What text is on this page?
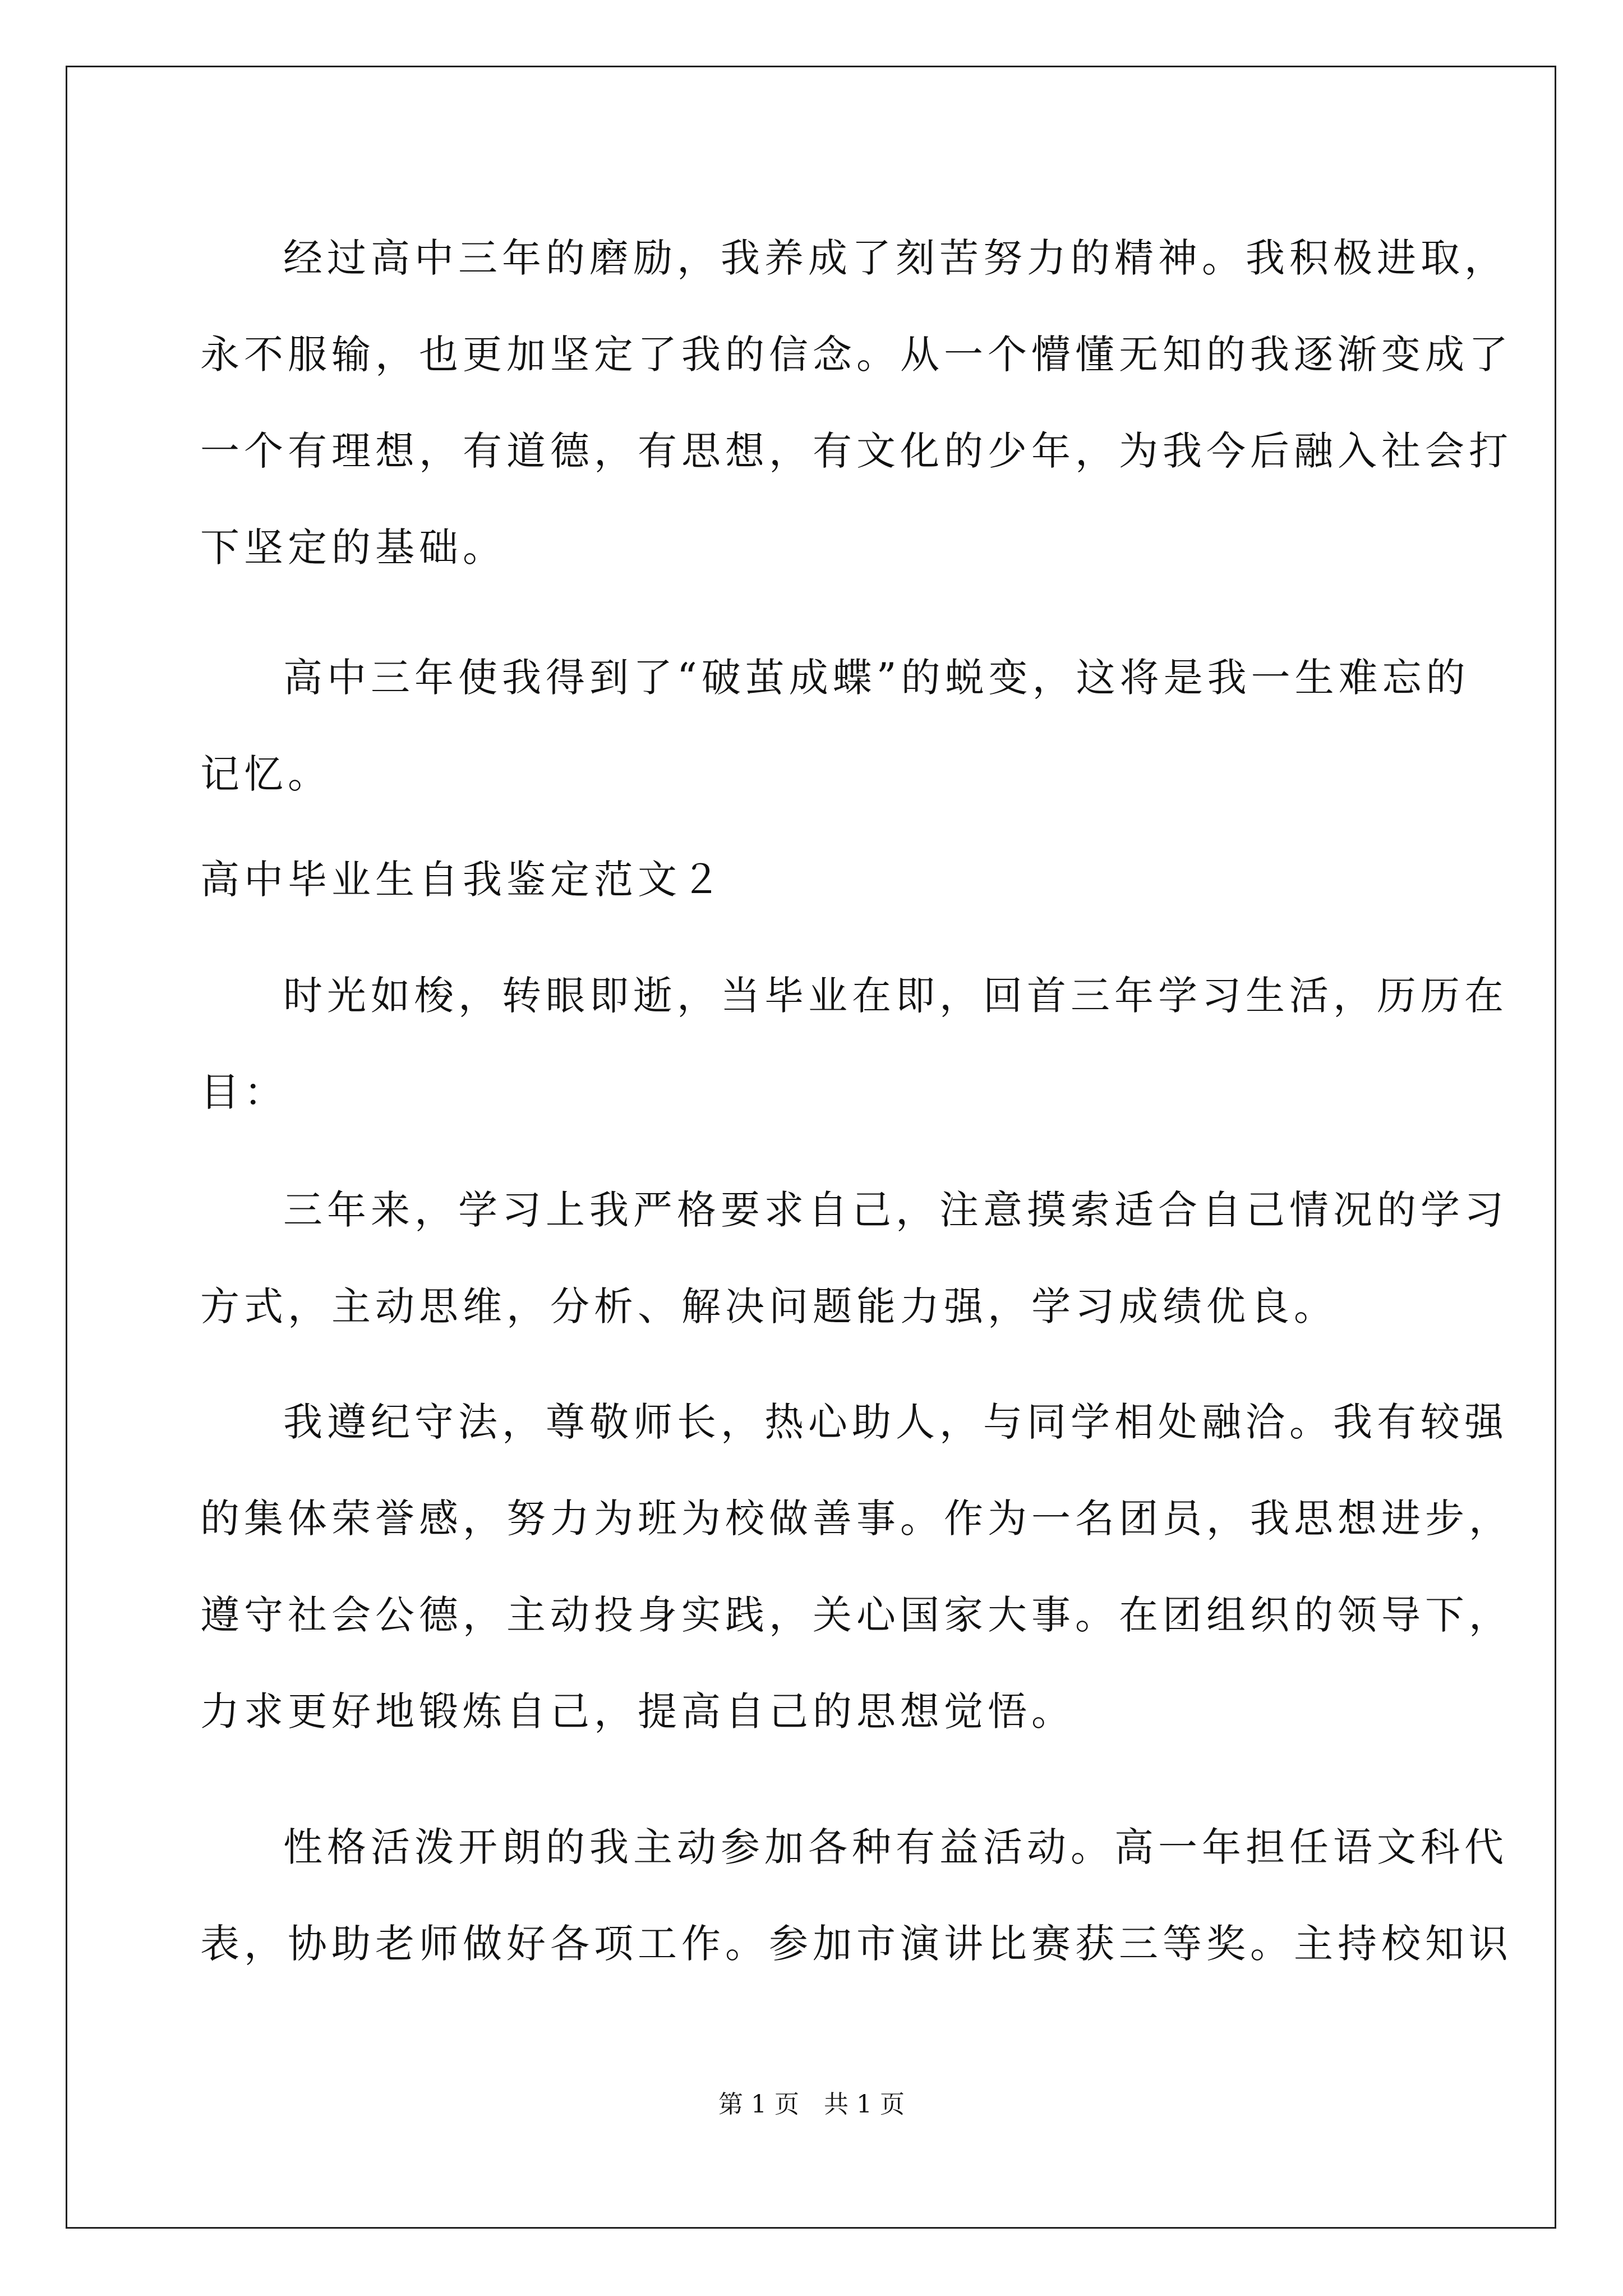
经过高中三年的磨励，我养成了刻苦努力的精神。我积极进取，
永不服输，也更加坚定了我的信念。从一个懵懂无知的我逐渐变成了
一个有理想，有道德，有思想，有文化的少年，为我今后融入社会打
下坚定的基础。
高中三年使我得到了“破茧成蝶”的蜕变，这将是我一生难忘的
记忆。
高中毕业生自我鉴定范文２
时光如梭，转眼即逝，当毕业在即，回首三年学习生活，历历在
目：
三年来，学习上我严格要求自己，注意摸索适合自己情况的学习
方式，主动思维，分析、解决问题能力强，学习成绩优良。
我遵纪守法，尊敬师长，热心助人，与同学相处融洽。我有较强
的集体荣誉感，努力为班为校做善事。作为一名团员，我思想进步，
遵守社会公德，主动投身实践，关心国家大事。在团组织的领导下，
力求更好地锻炼自己，提高自己的思想觉悟。
性格活泼开朗的我主动参加各种有益活动。高一年担任语文科代
表，协助老师做好各项工作。参加市演讲比赛获三等奖。主持校知识
第 1 页　共 1 页
